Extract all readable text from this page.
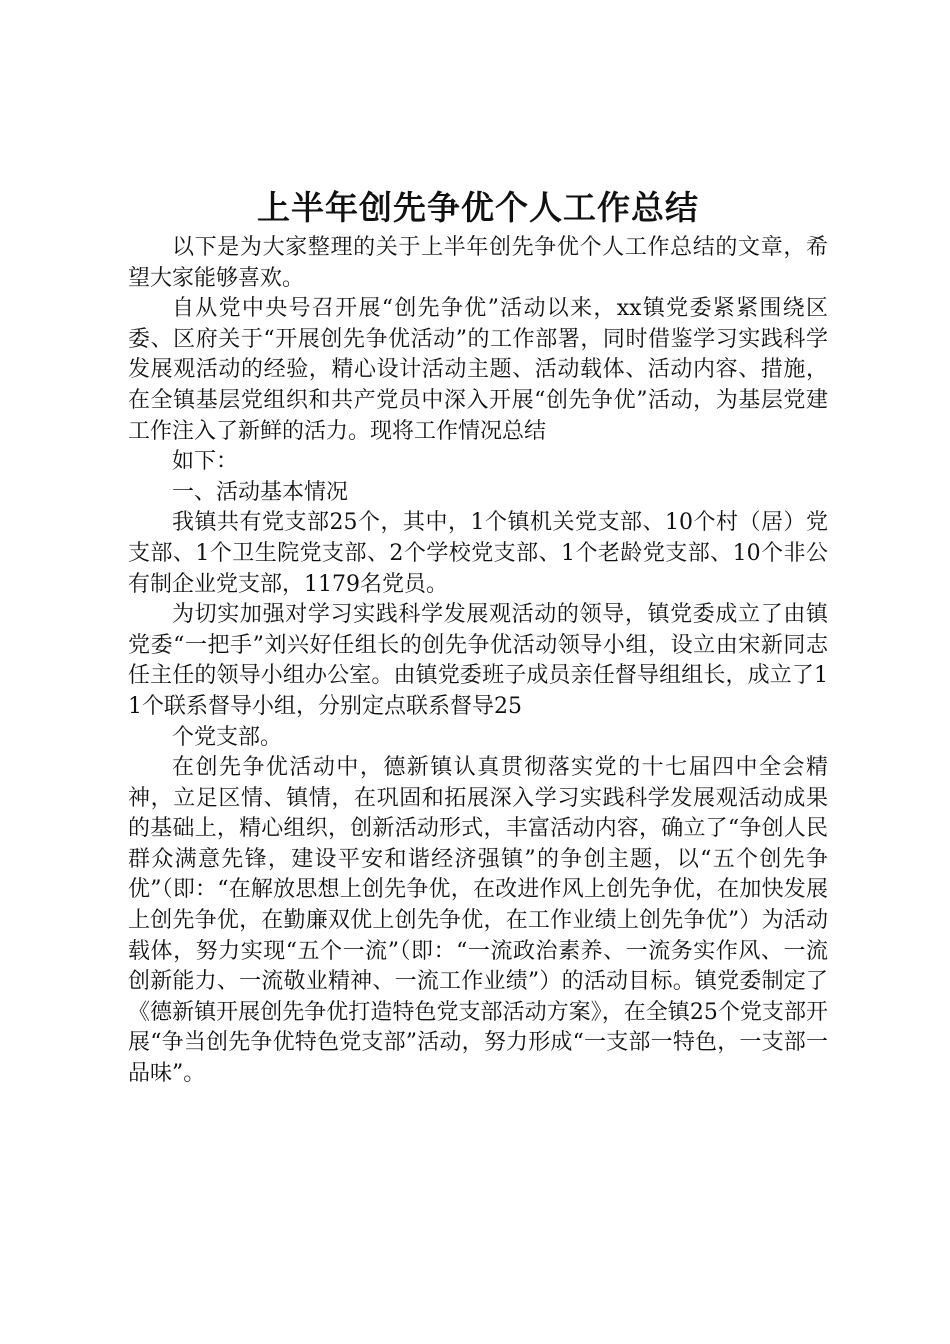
上半年创先争优个人工作总结

以下是为大家整理的关于上半年创先争优个人工作总结的文章，希望大家能够喜欢。

自从党中央号召开展“创先争优”活动以来，xx镇党委紧紧围绕区委、区府关于“开展创先争优活动”的工作部署，同时借鉴学习实践科学发展观活动的经验，精心设计活动主题、活动载体、活动内容、措施，在全镇基层党组织和共产党员中深入开展“创先争优”活动，为基层党建工作注入了新鲜的活力。现将工作情况总结

如下：

一、活动基本情况

我镇共有党支部25个，其中，1个镇机关党支部、10个村（居）党支部、1个卫生院党支部、2个学校党支部、1个老龄党支部、10个非公有制企业党支部，1179名党员。

为切实加强对学习实践科学发展观活动的领导，镇党委成立了由镇党委“一把手”刘兴好任组长的创先争优活动领导小组，设立由宋新同志任主任的领导小组办公室。由镇党委班子成员亲任督导组组长，成立了11个联系督导小组，分别定点联系督导25

个党支部。

在创先争优活动中，德新镇认真贯彻落实党的十七届四中全会精神，立足区情、镇情，在巩固和拓展深入学习实践科学发展观活动成果的基础上，精心组织，创新活动形式，丰富活动内容，确立了“争创人民群众满意先锋，建设平安和谐经济强镇”的争创主题，以“五个创先争优”（即：“在解放思想上创先争优，在改进作风上创先争优，在加快发展上创先争优，在勤廉双优上创先争优，在工作业绩上创先争优”）为活动载体，努力实现“五个一流”（即：“一流政治素养、一流务实作风、一流创新能力、一流敬业精神、一流工作业绩”）的活动目标。镇党委制定了《德新镇开展创先争优打造特色党支部活动方案》，在全镇25个党支部开展“争当创先争优特色党支部”活动，努力形成“一支部一特色，一支部一品味”。
